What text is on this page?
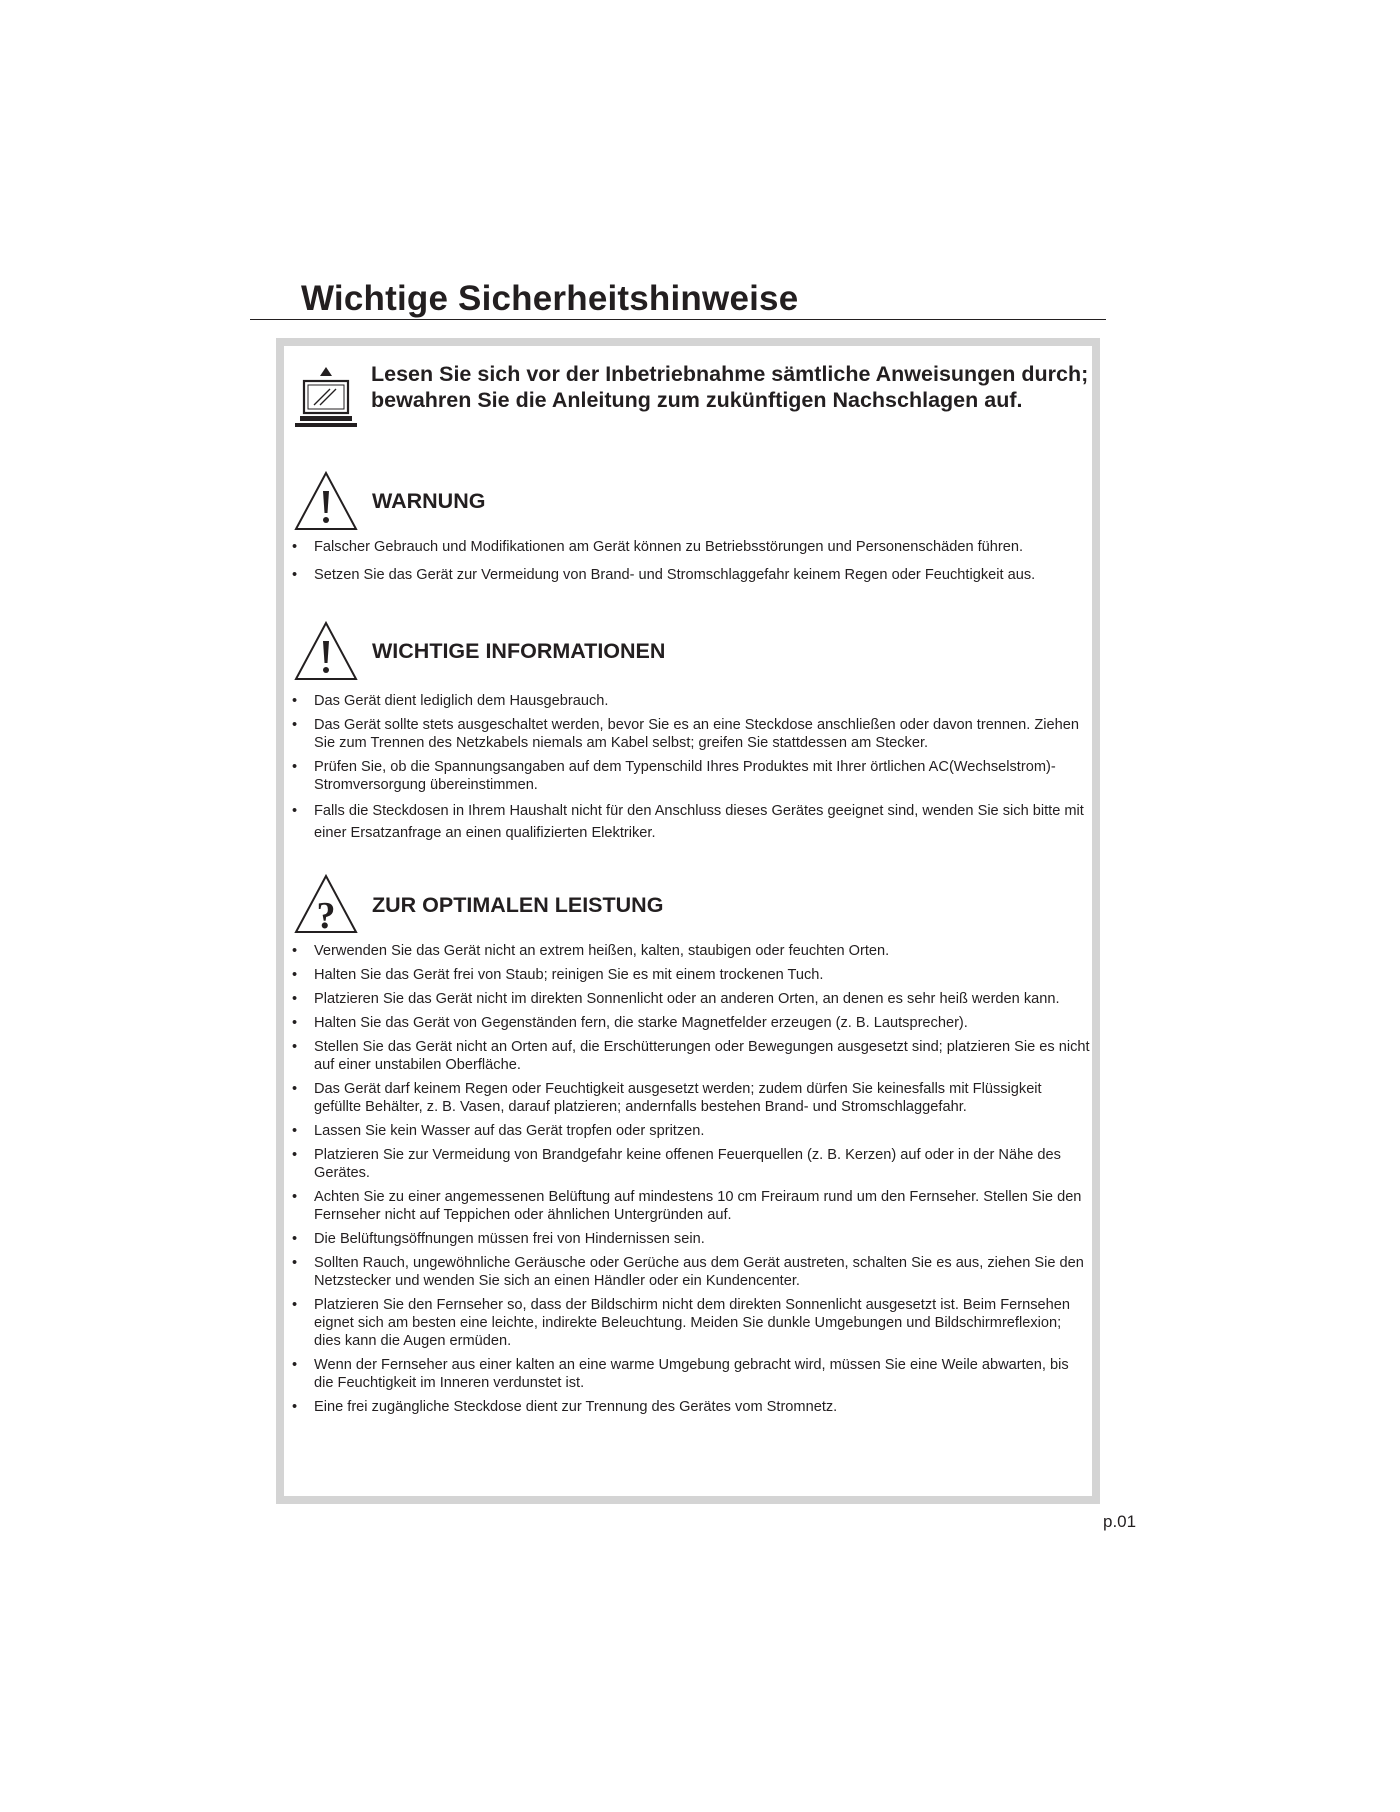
Wichtige Sicherheitshinweise

Lesen Sie sich vor der Inbetriebnahme sämtliche Anweisungen durch; bewahren Sie die Anleitung zum zukünftigen Nachschlagen auf.

WARNUNG
• Falscher Gebrauch und Modifikationen am Gerät können zu Betriebsstörungen und Personenschäden führen.
• Setzen Sie das Gerät zur Vermeidung von Brand- und Stromschlaggefahr keinem Regen oder Feuchtigkeit aus.
WICHTIGE INFORMATIONEN
• Das Gerät dient lediglich dem Hausgebrauch.
• Das Gerät sollte stets ausgeschaltet werden, bevor Sie es an eine Steckdose anschließen oder davon trennen. Ziehen Sie zum Trennen des Netzkabels niemals am Kabel selbst; greifen Sie stattdessen am Stecker.
• Prüfen Sie, ob die Spannungsangaben auf dem Typenschild Ihres Produktes mit Ihrer örtlichen AC(Wechselstrom)-Stromversorgung übereinstimmen.
• Falls die Steckdosen in Ihrem Haushalt nicht für den Anschluss dieses Gerätes geeignet sind, wenden Sie sich bitte mit einer Ersatzanfrage an einen qualifizierten Elektriker.
? ZUR OPTIMALEN LEISTUNG
• Verwenden Sie das Gerät nicht an extrem heißen, kalten, staubigen oder feuchten Orten.
• Halten Sie das Gerät frei von Staub; reinigen Sie es mit einem trockenen Tuch.
• Platzieren Sie das Gerät nicht im direkten Sonnenlicht oder an anderen Orten, an denen es sehr heiß werden kann.
• Halten Sie das Gerät von Gegenständen fern, die starke Magnetfelder erzeugen (z. B. Lautsprecher).
• Stellen Sie das Gerät nicht an Orten auf, die Erschütterungen oder Bewegungen ausgesetzt sind; platzieren Sie es nicht auf einer unstabilen Oberfläche.
• Das Gerät darf keinem Regen oder Feuchtigkeit ausgesetzt werden; zudem dürfen Sie keinesfalls mit Flüssigkeit gefüllte Behälter, z. B. Vasen, darauf platzieren; andernfalls bestehen Brand- und Stromschlaggefahr.
• Lassen Sie kein Wasser auf das Gerät tropfen oder spritzen.
• Platzieren Sie zur Vermeidung von Brandgefahr keine offenen Feuerquellen (z. B. Kerzen) auf oder in der Nähe des Gerätes.
• Achten Sie zu einer angemessenen Belüftung auf mindestens 10 cm Freiraum rund um den Fernseher. Stellen Sie den Fernseher nicht auf Teppichen oder ähnlichen Untergründen auf.
• Die Belüftungsöffnungen müssen frei von Hindernissen sein.
• Sollten Rauch, ungewöhnliche Geräusche oder Gerüche aus dem Gerät austreten, schalten Sie es aus, ziehen Sie den Netzstecker und wenden Sie sich an einen Händler oder ein Kundencenter.
• Platzieren Sie den Fernseher so, dass der Bildschirm nicht dem direkten Sonnenlicht ausgesetzt ist. Beim Fernsehen eignet sich am besten eine leichte, indirekte Beleuchtung. Meiden Sie dunkle Umgebungen und Bildschirmreflexion; dies kann die Augen ermüden.
• Wenn der Fernseher aus einer kalten an eine warme Umgebung gebracht wird, müssen Sie eine Weile abwarten, bis die Feuchtigkeit im Inneren verdunstet ist.
• Eine frei zugängliche Steckdose dient zur Trennung des Gerätes vom Stromnetz.
p.01
